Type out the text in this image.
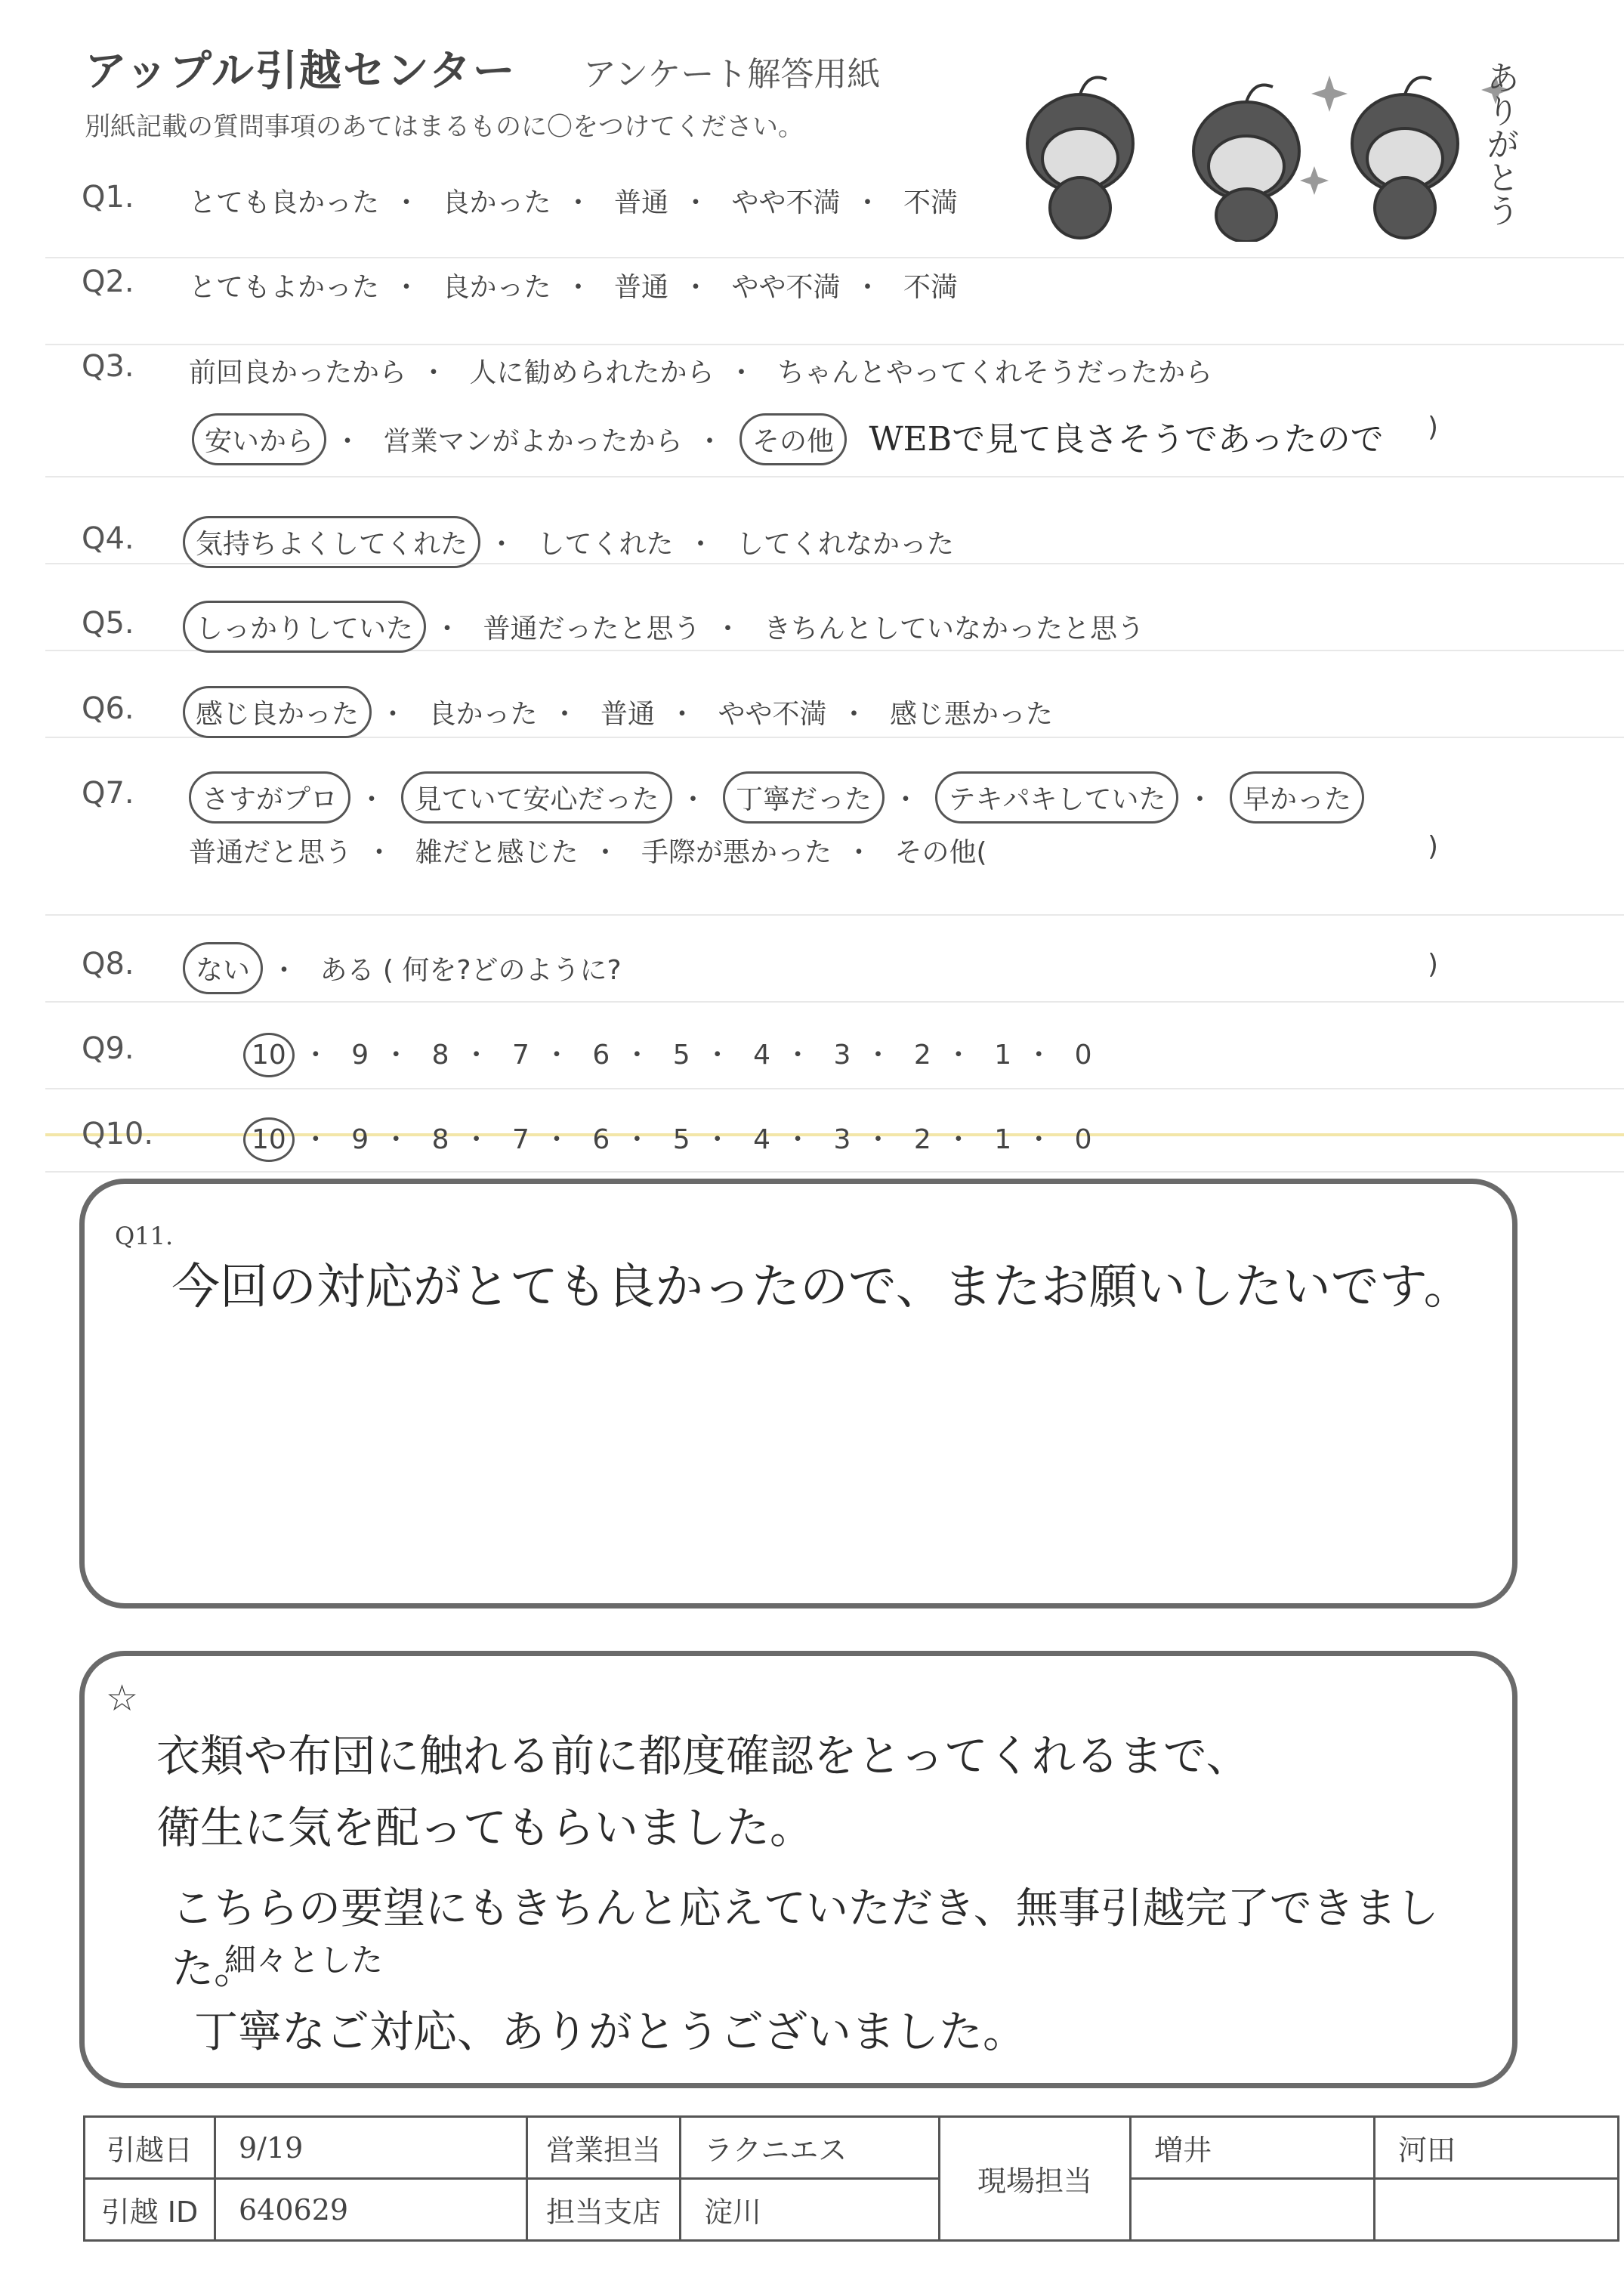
アップル引越センター アンケート解答用紙
別紙記載の質問事項のあてはまるものに〇をつけてください。	ありがとう
Q1. とても良かった ・ 良かった ・ 普通 ・ やや不満 ・ 不満
Q2. とてもよかった ・ 良かった ・ 普通 ・ やや不満 ・ 不満
Q3. 前回良かったから ・ 人に勧められたから ・ ちゃんとやってくれそうだったから
安いから ・ 営業マンがよかったから ・ その他 WEBで見て良さそうであったので )
Q4. 気持ちよくしてくれた ・ してくれた ・ してくれなかった
Q5. しっかりしていた ・ 普通だったと思う ・ きちんとしていなかったと思う
Q6. 感じ良かった ・ 良かった ・ 普通 ・ やや不満 ・ 感じ悪かった
Q7. さすがプロ ・ 見ていて安心だった ・ 丁寧だった ・ テキパキしていた ・ 早かった
普通だと思う ・ 雑だと感じた ・ 手際が悪かった ・ その他(	)
Q8. ない ・ ある ( 何を?どのように?	)
Q9.	10 ・ 9 ・ 8 ・ 7 ・ 6 ・ 5 ・ 4 ・ 3 ・ 2 ・ 1 ・ 0
Q10.	10 ・ 9 ・ 8 ・ 7 ・ 6 ・ 5 ・ 4 ・ 3 ・ 2 ・ 1 ・ 0
Q11.
今回の対応がとても良かったので、またお願いしたいです。
☆
衣類や布団に触れる前に都度確認をとってくれるまで、
衛生に気を配ってもらいました。
こちらの要望にもきちんと応えていただき、無事引越完了できました。
細々とした
丁寧なご対応、ありがとうございました。
引越日	9/19	営業担当	ラクニエス	現場担当	増井	河田
引越 ID	640629	担当支店	淀川			
